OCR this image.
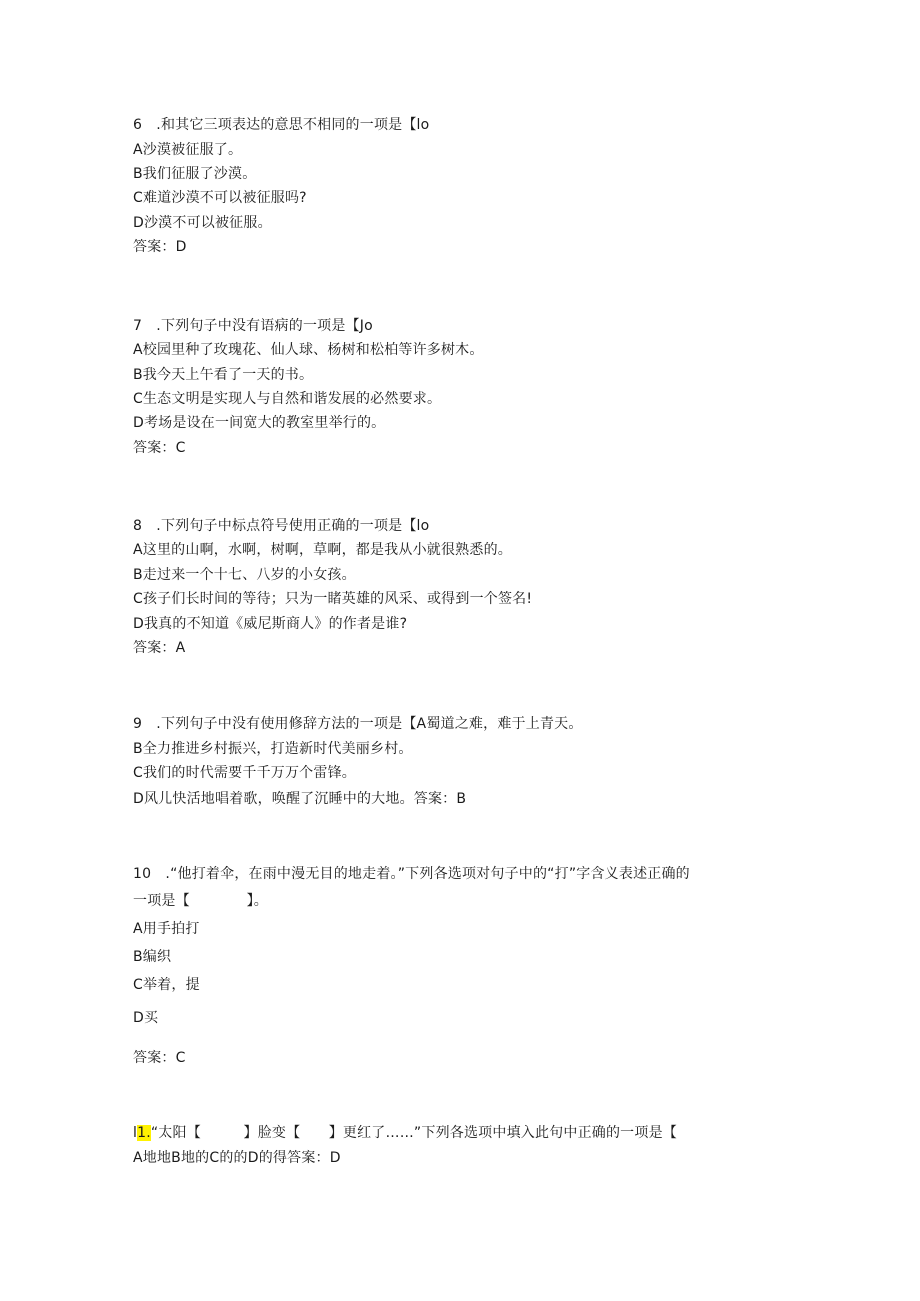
6　.和其它三项表达的意思不相同的一项是【lo
A沙漠被征服了。
B我们征服了沙漠。
C难道沙漠不可以被征服吗?
D沙漠不可以被征服。
答案：D
7　.下列句子中没有语病的一项是【Jo
A校园里种了玫瑰花、仙人球、杨树和松柏等许多树木。
B我今天上午看了一天的书。
C生态文明是实现人与自然和谐发展的必然要求。
D考场是设在一间宽大的教室里举行的。
答案：C
8　.下列句子中标点符号使用正确的一项是【lo
A这里的山啊，水啊，树啊，草啊，都是我从小就很熟悉的。
B走过来一个十七、八岁的小女孩。
C孩子们长时间的等待；只为一睹英雄的风采、或得到一个签名!
D我真的不知道《威尼斯商人》的作者是谁?
答案：A
9　.下列句子中没有使用修辞方法的一项是【A蜀道之难，难于上青天。
B全力推进乡村振兴，打造新时代美丽乡村。
C我们的时代需要千千万万个雷锋。
D风儿快活地唱着歌，唤醒了沉睡中的大地。答案：B
10　.“他打着伞，在雨中漫无目的地走着。”下列各选项对句子中的“打”字含义表述正确的
一项是【　　　　】。
A用手拍打
B编织
C举着，提
D买
答案：C
l1.“太阳【　　　】脸变【　　】更红了……”下列各选项中填入此句中正确的一项是【
A地地B地的C的的D的得答案：D
